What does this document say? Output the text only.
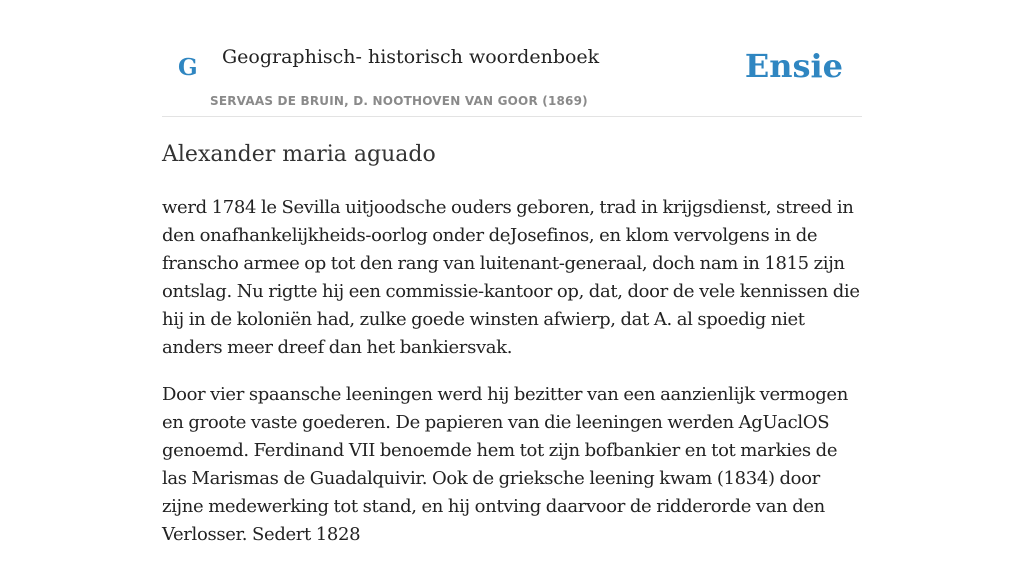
G Geographisch- historisch woordenboek
SERVAAS DE BRUIN, D. NOOTHOVEN VAN GOOR (1869)
Ensie
Alexander maria aguado

werd 1784 le Sevilla uitjoodsche ouders geboren, trad in krijgsdienst, streed in den onafhankelijkheids-oorlog onder deJosefinos, en klom vervolgens in de franscho armee op tot den rang van luitenant-generaal, doch nam in 1815 zijn ontslag. Nu rigtte hij een commissie-kantoor op, dat, door de vele kennissen die hij in de koloniën had, zulke goede winsten afwierp, dat A. al spoedig niet anders meer dreef dan het bankiersvak.

Door vier spaansche leeningen werd hij bezitter van een aanzienlijk vermogen en groote vaste goederen. De papieren van die leeningen werden AgUaclOS genoemd. Ferdinand VII benoemde hem tot zijn bofbankier en tot markies de las Marismas de Guadalquivir. Ook de grieksche leening kwam (1834) door zijne medewerking tot stand, en hij ontving daarvoor de ridderorde van den Verlosser. Sedert 1828
